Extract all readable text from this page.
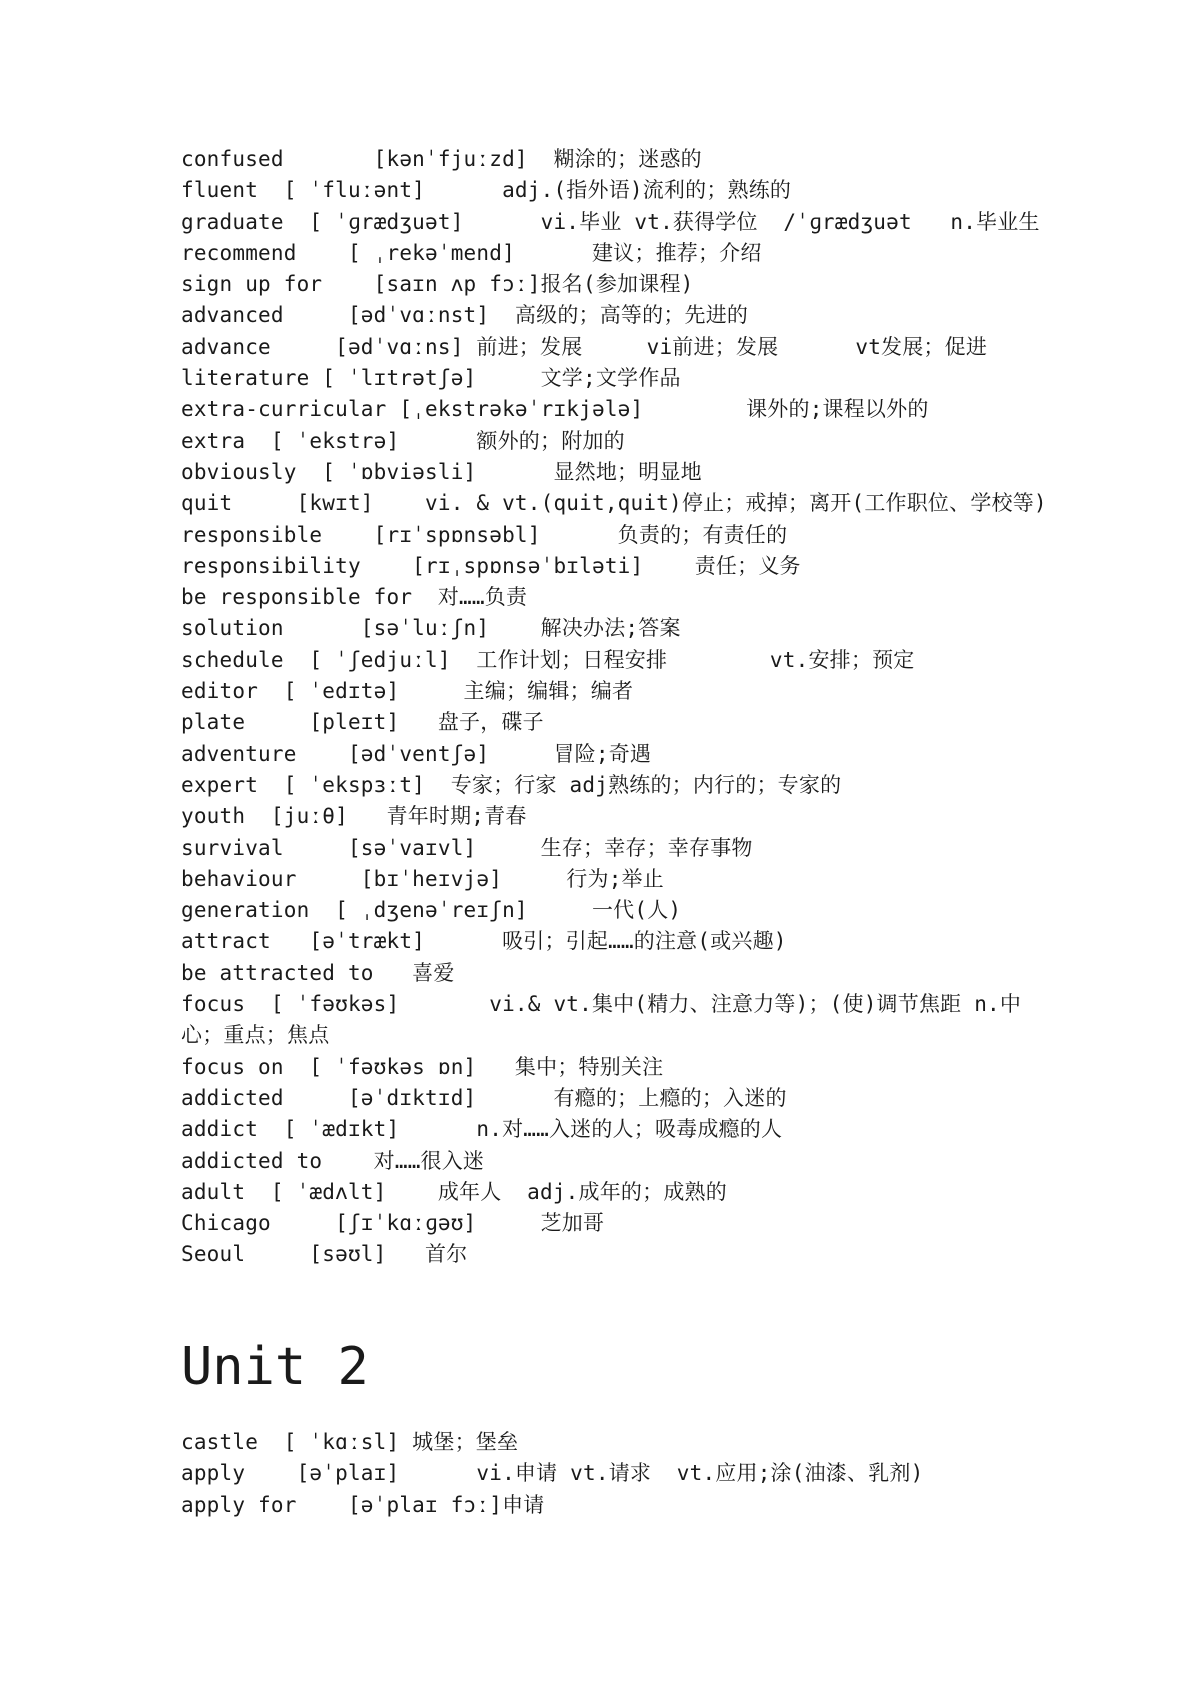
confused       [kənˈfjuːzd]  糊涂的；迷惑的
fluent  [ ˈfluːənt]      adj.(指外语)流利的；熟练的
graduate  [ ˈɡrædʒuət]      vi.毕业 vt.获得学位  /ˈɡrædʒuət   n.毕业生
recommend    [ ˌrekəˈmend]      建议；推荐；介绍
sign up for    [saɪn ʌp fɔː]报名(参加课程)
advanced     [ədˈvɑːnst]  高级的；高等的；先进的
advance     [ədˈvɑːns] 前进；发展     vi前进；发展      vt发展；促进
literature [ ˈlɪtrətʃə]     文学;文学作品
extra-curricular [ˌekstrəkəˈrɪkjələ]        课外的;课程以外的
extra  [ ˈekstrə]      额外的；附加的
obviously  [ ˈɒbviəsli]      显然地；明显地
quit     [kwɪt]    vi. & vt.(quit,quit)停止；戒掉；离开(工作职位、学校等)
responsible    [rɪˈspɒnsəbl]      负责的；有责任的
responsibility    [rɪˌspɒnsəˈbɪləti]    责任；义务
be responsible for  对……负责
solution      [səˈluːʃn]    解决办法;答案
schedule  [ ˈʃedjuːl]  工作计划；日程安排        vt.安排；预定
editor  [ ˈedɪtə]     主编；编辑；编者
plate     [pleɪt]   盘子，碟子
adventure    [ədˈventʃə]     冒险;奇遇
expert  [ ˈekspɜːt]  专家；行家 adj熟练的；内行的；专家的
youth  [juːθ]   青年时期;青春
survival     [səˈvaɪvl]     生存；幸存；幸存事物
behaviour     [bɪˈheɪvjə]     行为;举止
generation  [ ˌdʒenəˈreɪʃn]     一代(人)
attract   [əˈtrækt]      吸引；引起……的注意(或兴趣)
be attracted to   喜爱
focus  [ ˈfəʊkəs]       vi.& vt.集中(精力、注意力等)；(使)调节焦距 n.中心；重点；焦点
focus on  [ ˈfəʊkəs ɒn]   集中；特别关注
addicted     [əˈdɪktɪd]      有瘾的；上瘾的；入迷的
addict  [ ˈædɪkt]      n.对……入迷的人；吸毒成瘾的人
addicted to    对……很入迷
adult  [ ˈædʌlt]    成年人  adj.成年的；成熟的
Chicago     [ʃɪˈkɑːɡəʊ]     芝加哥
Seoul     [səʊl]   首尔
Unit 2
castle  [ ˈkɑːsl] 城堡；堡垒
apply    [əˈplaɪ]      vi.申请 vt.请求  vt.应用;涂(油漆、乳剂)
apply for    [əˈplaɪ fɔː]申请
